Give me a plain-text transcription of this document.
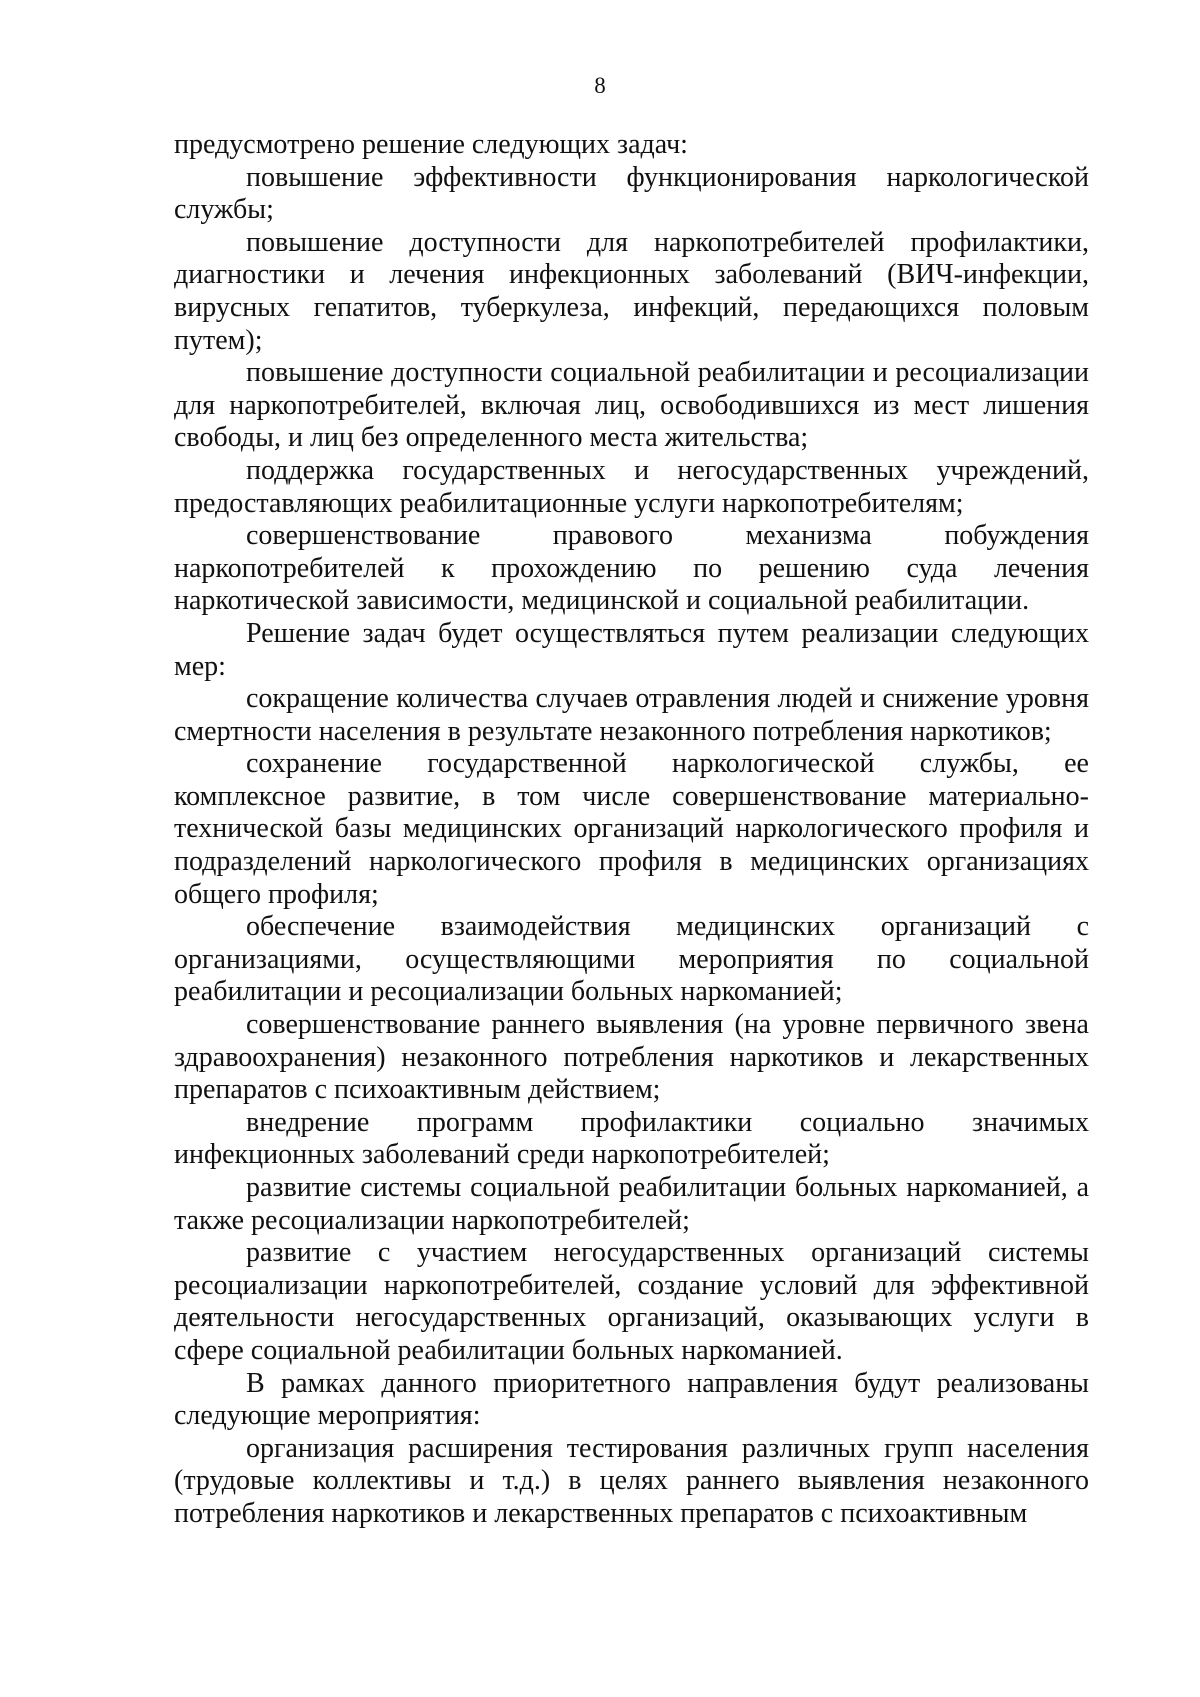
8

предусмотрено решение следующих задач:

повышение эффективности функционирования наркологической службы;

повышение доступности для наркопотребителей профилактики, диагностики и лечения инфекционных заболеваний (ВИЧ-инфекции, вирусных гепатитов, туберкулеза, инфекций, передающихся половым путем);

повышение доступности социальной реабилитации и ресоциализации для наркопотребителей, включая лиц, освободившихся из мест лишения свободы, и лиц без определенного места жительства;

поддержка государственных и негосударственных учреждений, предоставляющих реабилитационные услуги наркопотребителям;

совершенствование правового механизма побуждения наркопотребителей к прохождению по решению суда лечения наркотической зависимости, медицинской и социальной реабилитации.

Решение задач будет осуществляться путем реализации следующих мер:

сокращение количества случаев отравления людей и снижение уровня смертности населения в результате незаконного потребления наркотиков;

сохранение государственной наркологической службы, ее комплексное развитие, в том числе совершенствование материально-технической базы медицинских организаций наркологического профиля и подразделений наркологического профиля в медицинских организациях общего профиля;

обеспечение взаимодействия медицинских организаций с организациями, осуществляющими мероприятия по социальной реабилитации и ресоциализации больных наркоманией;

совершенствование раннего выявления (на уровне первичного звена здравоохранения) незаконного потребления наркотиков и лекарственных препаратов с психоактивным действием;

внедрение программ профилактики социально значимых инфекционных заболеваний среди наркопотребителей;

развитие системы социальной реабилитации больных наркоманией, а также ресоциализации наркопотребителей;

развитие с участием негосударственных организаций системы ресоциализации наркопотребителей, создание условий для эффективной деятельности негосударственных организаций, оказывающих услуги в сфере социальной реабилитации больных наркоманией.

В рамках данного приоритетного направления будут реализованы следующие мероприятия:

организация расширения тестирования различных групп населения (трудовые коллективы и т.д.) в целях раннего выявления незаконного потребления наркотиков и лекарственных препаратов с психоактивным
